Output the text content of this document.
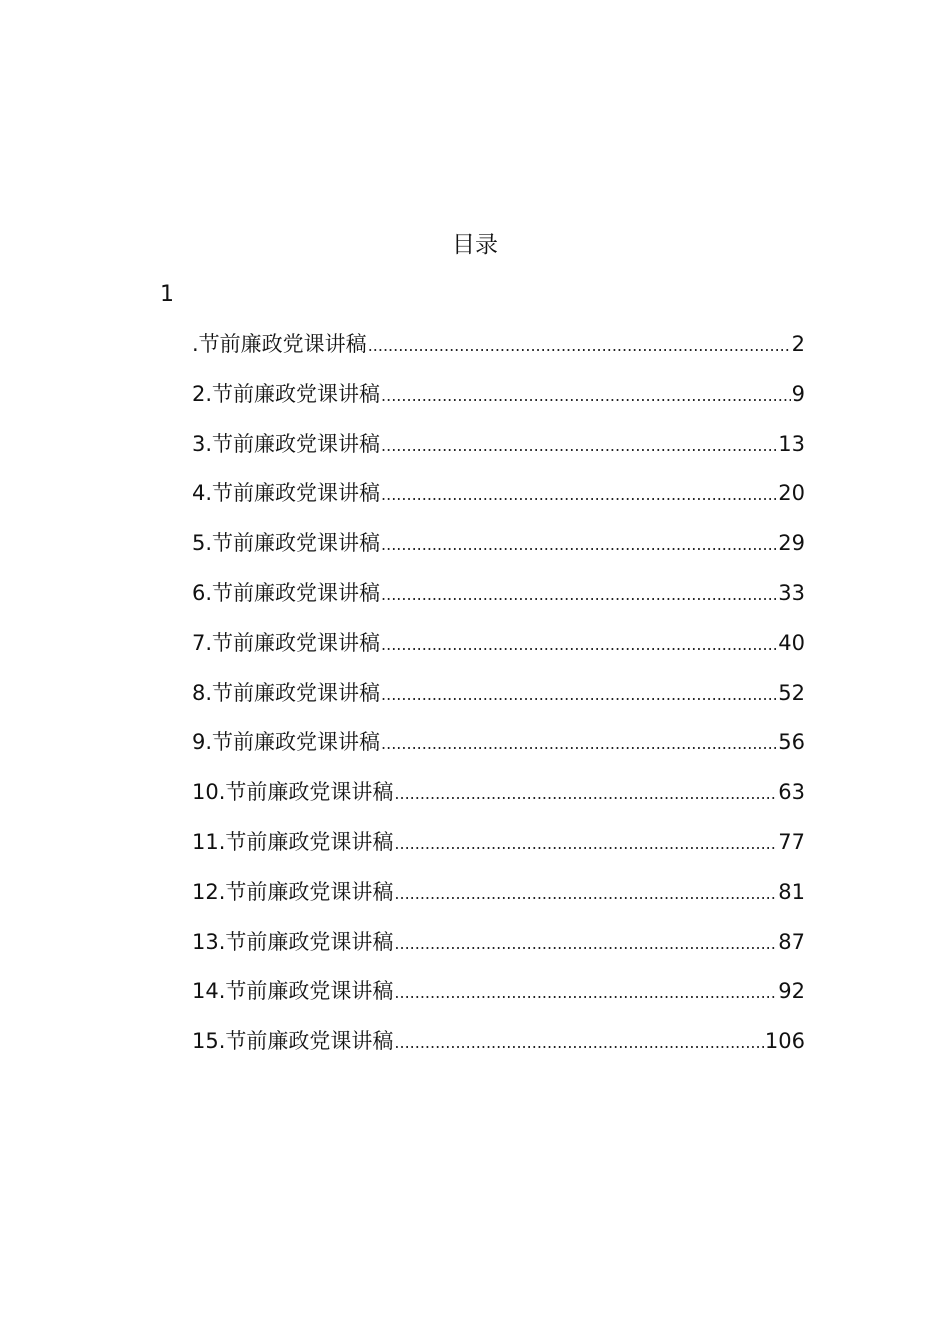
目录
1
.节前廉政党课讲稿 .....	2
2.节前廉政党课讲稿 .....	9
3.节前廉政党课讲稿 .....	13
4.节前廉政党课讲稿 .....	20
5.节前廉政党课讲稿 .....	29
6.节前廉政党课讲稿 .....	33
7.节前廉政党课讲稿 .....	40
8.节前廉政党课讲稿 .....	52
9.节前廉政党课讲稿 .....	56
10.节前廉政党课讲稿 .....	63
11.节前廉政党课讲稿 .....	77
12.节前廉政党课讲稿 .....	81
13.节前廉政党课讲稿 .....	87
14.节前廉政党课讲稿 .....	92
15.节前廉政党课讲稿 .....	106
